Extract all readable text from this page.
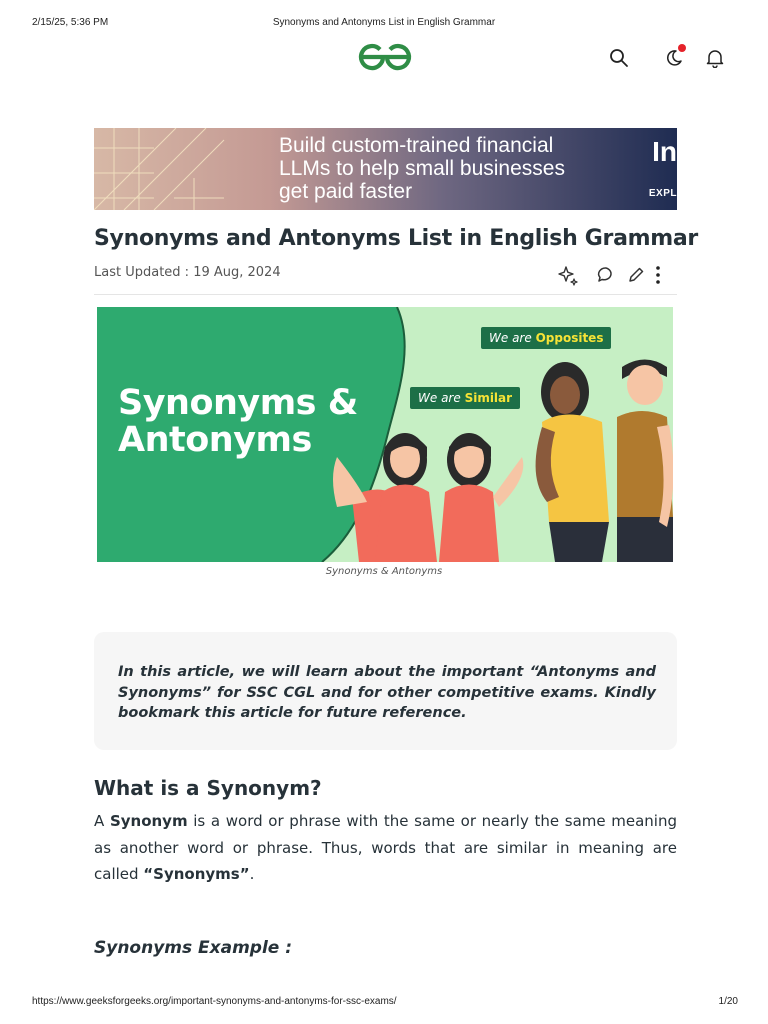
2/15/25, 5:36 PM	Synonyms and Antonyms List in English Grammar
Build custom-trained financial
LLMs to help small businesses
get paid faster
In
EXPL
Synonyms and Antonyms List in English Grammar
Last Updated : 19 Aug, 2024
Synonyms &
Antonyms
We are Opposites
We are Similar
Synonyms & Antonyms

In this article, we will learn about the important “Antonyms and Synonyms” for SSC CGL and for other competitive exams. Kindly bookmark this article for future reference.

What is a Synonym?

A Synonym is a word or phrase with the same or nearly the same meaning as another word or phrase. Thus, words that are similar in meaning are called “Synonyms”.

Synonyms Example :
https://www.geeksforgeeks.org/important-synonyms-and-antonyms-for-ssc-exams/	1/20
